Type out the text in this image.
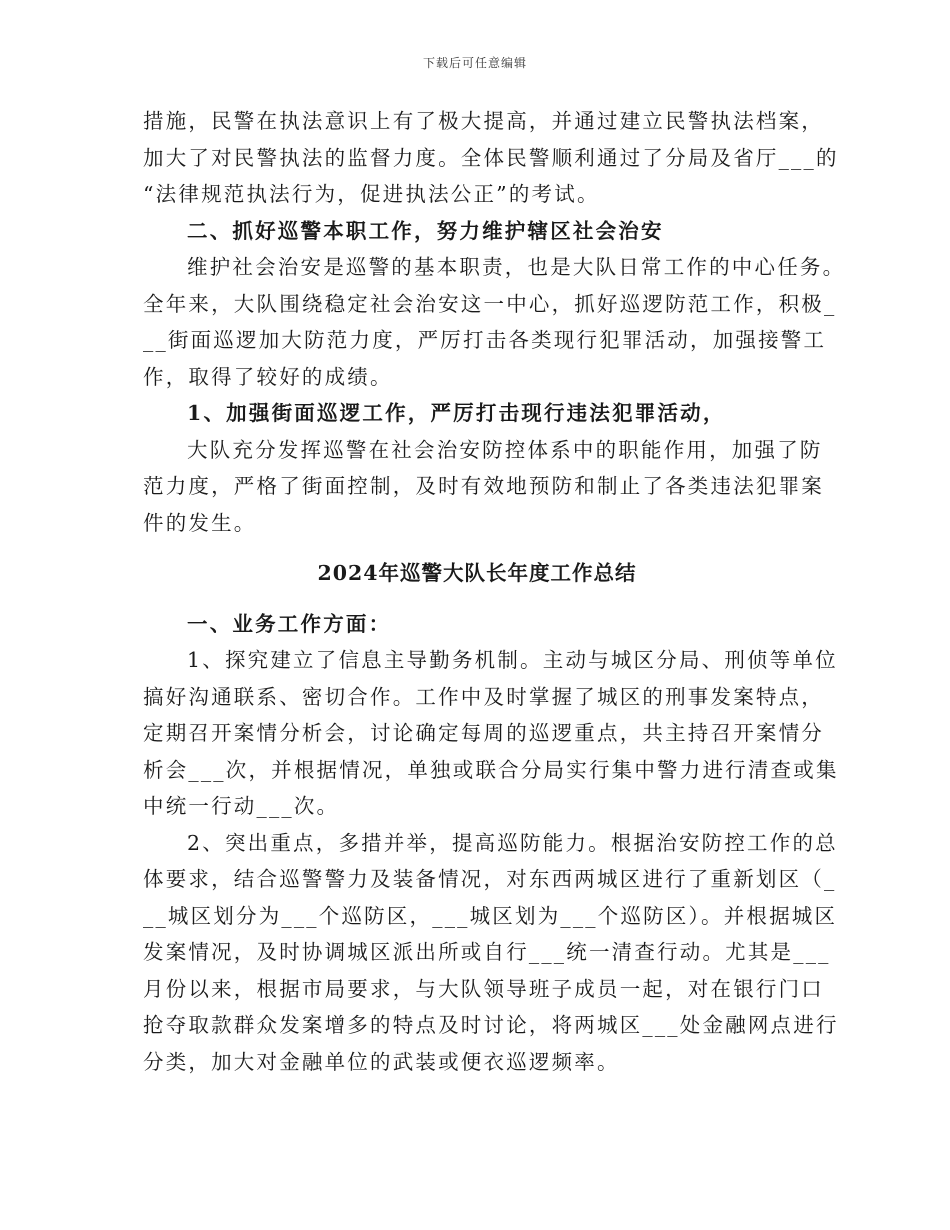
下载后可任意编辑
措施，民警在执法意识上有了极大提高，并通过建立民警执法档案，
加大了对民警执法的监督力度。全体民警顺利通过了分局及省厅___的
“法律规范执法行为，促进执法公正”的考试。
二、抓好巡警本职工作，努力维护辖区社会治安
维护社会治安是巡警的基本职责，也是大队日常工作的中心任务。
全年来，大队围绕稳定社会治安这一中心，抓好巡逻防范工作，积极_
__街面巡逻加大防范力度，严厉打击各类现行犯罪活动，加强接警工
作，取得了较好的成绩。
1、加强街面巡逻工作，严厉打击现行违法犯罪活动，
大队充分发挥巡警在社会治安防控体系中的职能作用，加强了防
范力度，严格了街面控制，及时有效地预防和制止了各类违法犯罪案
件的发生。
2024年巡警大队长年度工作总结
一、业务工作方面：
1、探究建立了信息主导勤务机制。主动与城区分局、刑侦等单位
搞好沟通联系、密切合作。工作中及时掌握了城区的刑事发案特点，
定期召开案情分析会，讨论确定每周的巡逻重点，共主持召开案情分
析会___次，并根据情况，单独或联合分局实行集中警力进行清查或集
中统一行动___次。
2、突出重点，多措并举，提高巡防能力。根据治安防控工作的总
体要求，结合巡警警力及装备情况，对东西两城区进行了重新划区（_
__城区划分为___个巡防区，___城区划为___个巡防区）。并根据城区
发案情况，及时协调城区派出所或自行___统一清查行动。尤其是___
月份以来，根据市局要求，与大队领导班子成员一起，对在银行门口
抢夺取款群众发案增多的特点及时讨论，将两城区___处金融网点进行
分类，加大对金融单位的武装或便衣巡逻频率。
